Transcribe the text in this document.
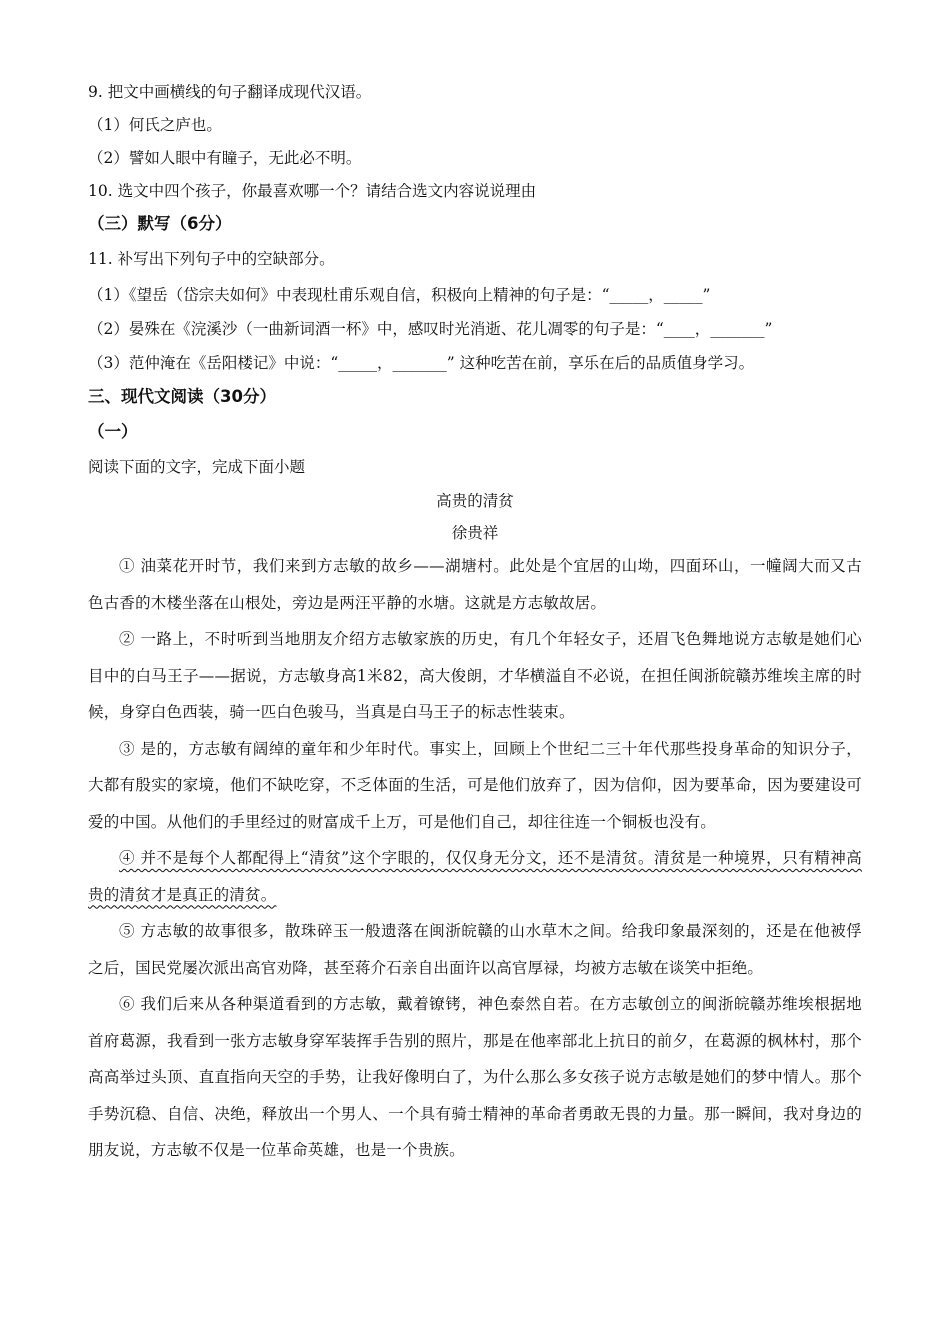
9. 把文中画横线的句子翻译成现代汉语。
（1）何氏之庐也。
（2）譬如人眼中有瞳子，无此必不明。
10. 选文中四个孩子，你最喜欢哪一个？请结合选文内容说说理由
（三）默写（6分）
11. 补写出下列句子中的空缺部分。
（1）《望岳（岱宗夫如何》中表现杜甫乐观自信，积极向上精神的句子是：“_____，_____”
（2）晏殊在《浣溪沙（一曲新词酒一杯》中，感叹时光消逝、花儿凋零的句子是：“____，_______”
（3）范仲淹在《岳阳楼记》中说：“_____，_______” 这种吃苦在前，享乐在后的品质值身学习。
三、现代文阅读（30分）
（一）
阅读下面的文字，完成下面小题
高贵的清贫
徐贵祥

① 油菜花开时节，我们来到方志敏的故乡——湖塘村。此处是个宜居的山坳，四面环山，一幢阔大而又古色古香的木楼坐落在山根处，旁边是两汪平静的水塘。这就是方志敏故居。

② 一路上，不时听到当地朋友介绍方志敏家族的历史，有几个年轻女子，还眉飞色舞地说方志敏是她们心目中的白马王子——据说，方志敏身高1米82，高大俊朗，才华横溢自不必说，在担任闽浙皖赣苏维埃主席的时候，身穿白色西装，骑一匹白色骏马，当真是白马王子的标志性装束。

③ 是的，方志敏有阔绰的童年和少年时代。事实上，回顾上个世纪二三十年代那些投身革命的知识分子，大都有殷实的家境，他们不缺吃穿，不乏体面的生活，可是他们放弃了，因为信仰，因为要革命，因为要建设可爱的中国。从他们的手里经过的财富成千上万，可是他们自己，却往往连一个铜板也没有。

④ 并不是每个人都配得上“清贫”这个字眼的，仅仅身无分文，还不是清贫。清贫是一种境界，只有精神高贵的清贫才是真正的清贫。

⑤ 方志敏的故事很多，散珠碎玉一般遗落在闽浙皖赣的山水草木之间。给我印象最深刻的，还是在他被俘之后，国民党屡次派出高官劝降，甚至蒋介石亲自出面许以高官厚禄，均被方志敏在谈笑中拒绝。

⑥ 我们后来从各种渠道看到的方志敏，戴着镣铐，神色泰然自若。在方志敏创立的闽浙皖赣苏维埃根据地首府葛源，我看到一张方志敏身穿军装挥手告别的照片，那是在他率部北上抗日的前夕，在葛源的枫林村，那个高高举过头顶、直直指向天空的手势，让我好像明白了，为什么那么多女孩子说方志敏是她们的梦中情人。那个手势沉稳、自信、决绝，释放出一个男人、一个具有骑士精神的革命者勇敢无畏的力量。那一瞬间，我对身边的朋友说，方志敏不仅是一位革命英雄，也是一个贵族。
